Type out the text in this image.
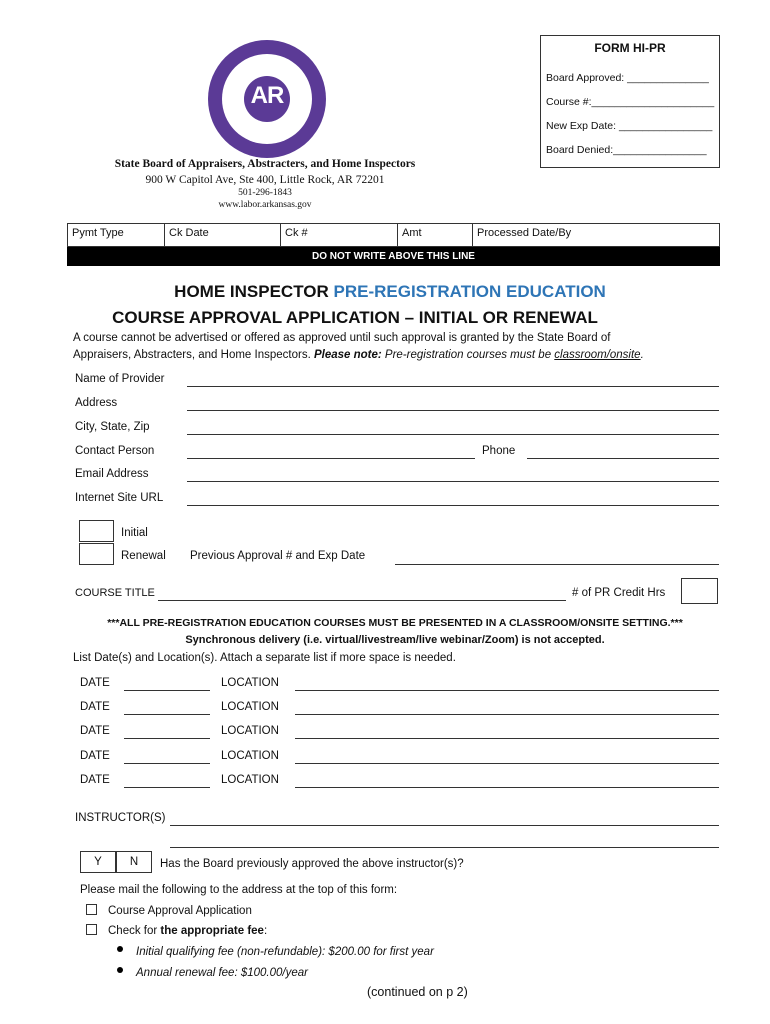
AR
FORM HI-PR
Board Approved: ______________
Course #:_____________________
New Exp Date: ________________
Board Denied:________________
State Board of Appraisers, Abstracters, and Home Inspectors
900 W Capitol Ave, Ste 400, Little Rock, AR 72201
501-296-1843
www.labor.arkansas.gov
Pymt Type	Ck Date	Ck #	Amt	Processed Date/By
DO NOT WRITE ABOVE THIS LINE
HOME INSPECTOR PRE-REGISTRATION EDUCATION
COURSE APPROVAL APPLICATION – INITIAL OR RENEWAL
A course cannot be advertised or offered as approved until such approval is granted by the State Board of
Appraisers, Abstracters, and Home Inspectors. Please note: Pre-registration courses must be classroom/onsite.
Name of Provider
Address
City, State, Zip
Contact Person	Phone
Email Address
Internet Site URL
Initial
Renewal Previous Approval # and Exp Date
COURSE TITLE	# of PR Credit Hrs
***ALL PRE-REGISTRATION EDUCATION COURSES MUST BE PRESENTED IN A CLASSROOM/ONSITE SETTING.***
Synchronous delivery (i.e. virtual/livestream/live webinar/Zoom) is not accepted.
List Date(s) and Location(s). Attach a separate list if more space is needed.
DATE	LOCATION
DATE	LOCATION
DATE	LOCATION
DATE	LOCATION
DATE	LOCATION
INSTRUCTOR(S)
Y	N	Has the Board previously approved the above instructor(s)?
Please mail the following to the address at the top of this form:
Course Approval Application
Check for the appropriate fee:
Initial qualifying fee (non-refundable): $200.00 for first year
Annual renewal fee: $100.00/year
(continued on p 2)
